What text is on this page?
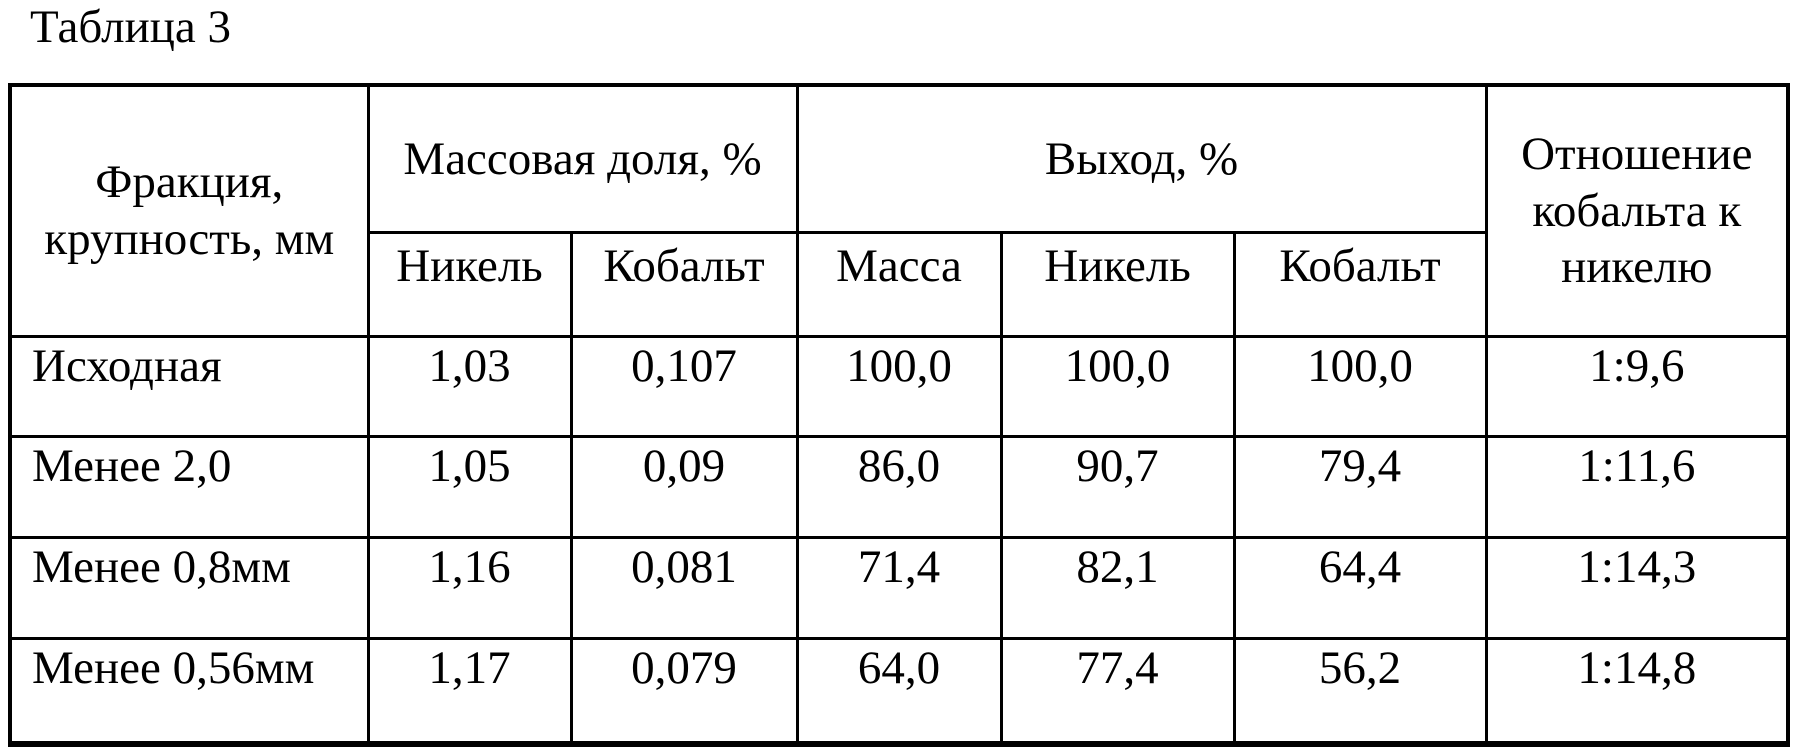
Таблица 3
Фракция, крупность, мм	Массовая доля, %		Выход, %			Отношение кобальта к никелю
	Никель	Кобальт	Масса	Никель	Кобальт	
Исходная	1,03	0,107	100,0	100,0	100,0	1:9,6
Менее 2,0	1,05	0,09	86,0	90,7	79,4	1:11,6
Менее 0,8мм	1,16	0,081	71,4	82,1	64,4	1:14,3
Менее 0,56мм	1,17	0,079	64,0	77,4	56,2	1:14,8
